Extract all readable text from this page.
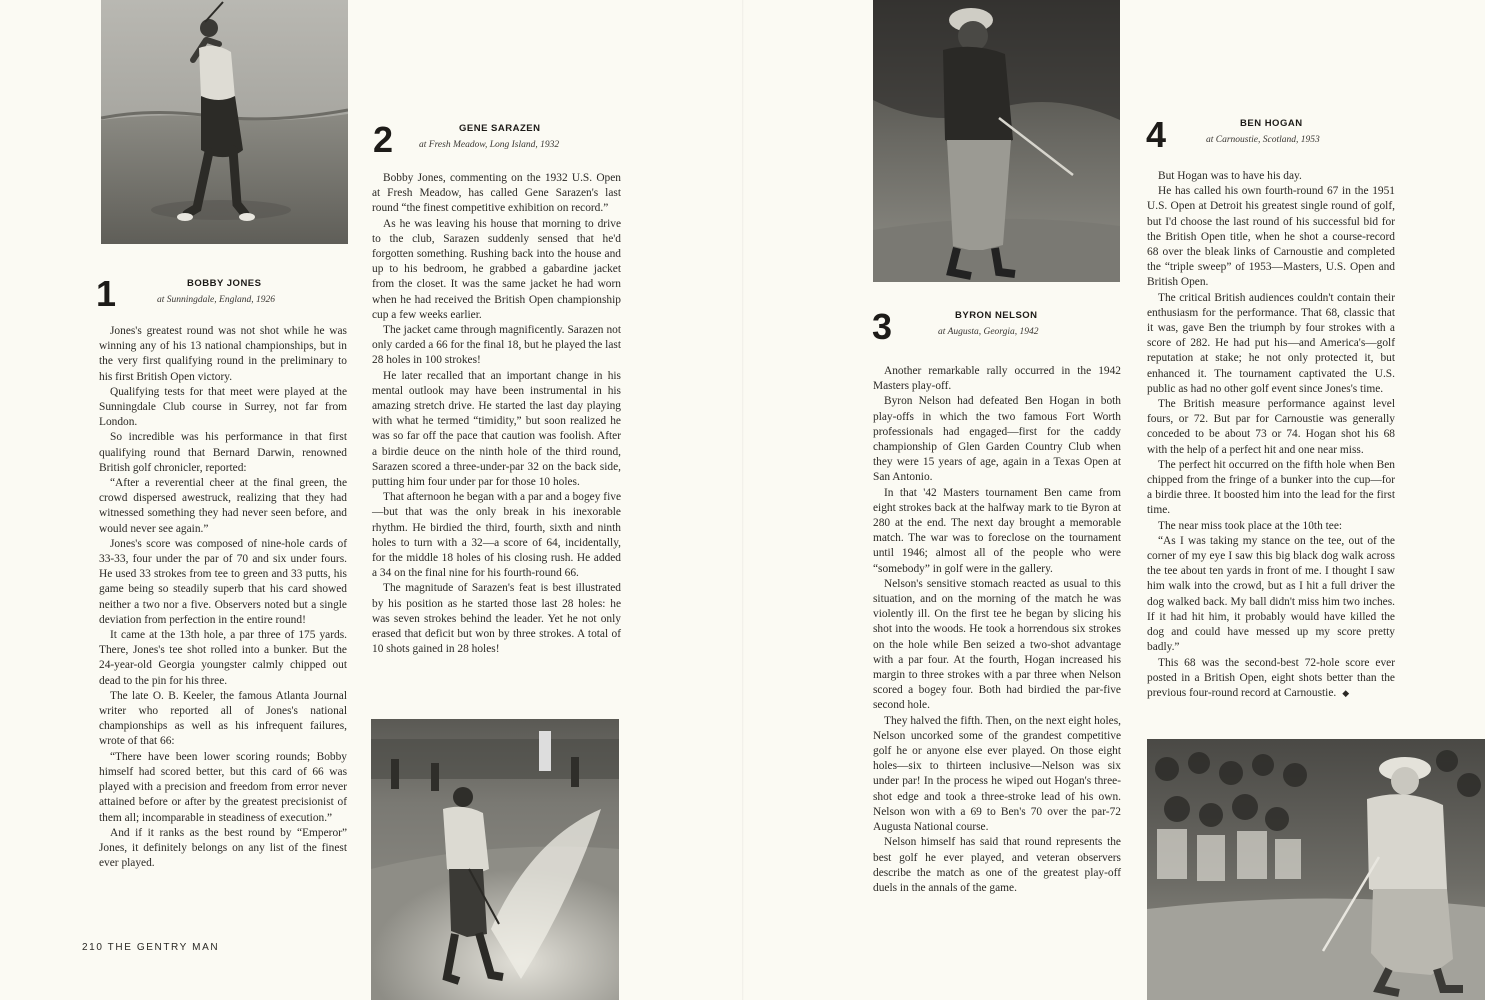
1	BOBBY JONES
at Sunningdale, England, 1926

Jones's greatest round was not shot while he was winning any of his 13 national championships, but in the very first qualifying round in the preliminary to his first British Open victory.

Qualifying tests for that meet were played at the Sunningdale Club course in Surrey, not far from London.

So incredible was his performance in that first qualifying round that Bernard Darwin, renowned British golf chronicler, reported:

“After a reverential cheer at the final green, the crowd dispersed awestruck, realizing that they had witnessed something they had never seen before, and would never see again.”

Jones's score was composed of nine-hole cards of 33-33, four under the par of 70 and six under fours. He used 33 strokes from tee to green and 33 putts, his game being so steadily superb that his card showed neither a two nor a five. Observers noted but a single deviation from perfection in the entire round!

It came at the 13th hole, a par three of 175 yards. There, Jones's tee shot rolled into a bunker. But the 24-year-old Georgia youngster calmly chipped out dead to the pin for his three.

The late O. B. Keeler, the famous Atlanta Journal writer who reported all of Jones's national championships as well as his infrequent failures, wrote of that 66:

“There have been lower scoring rounds; Bobby himself had scored better, but this card of 66 was played with a precision and freedom from error never attained before or after by the greatest precisionist of them all; incomparable in steadiness of execution.”

And if it ranks as the best round by “Emperor” Jones, it definitely belongs on any list of the finest ever played.

2	GENE SARAZEN
at Fresh Meadow, Long Island, 1932

Bobby Jones, commenting on the 1932 U.S. Open at Fresh Meadow, has called Gene Sarazen's last round “the finest competitive exhibition on record.”

As he was leaving his house that morning to drive to the club, Sarazen suddenly sensed that he'd forgotten something. Rushing back into the house and up to his bedroom, he grabbed a gabardine jacket from the closet. It was the same jacket he had worn when he had received the British Open championship cup a few weeks earlier.

The jacket came through magnificently. Sarazen not only carded a 66 for the final 18, but he played the last 28 holes in 100 strokes!

He later recalled that an important change in his mental outlook may have been instrumental in his amazing stretch drive. He started the last day playing with what he termed “timidity,” but soon realized he was so far off the pace that caution was foolish. After a birdie deuce on the ninth hole of the third round, Sarazen scored a three-under-par 32 on the back side, putting him four under par for those 10 holes.

That afternoon he began with a par and a bogey five—but that was the only break in his inexorable rhythm. He birdied the third, fourth, sixth and ninth holes to turn with a 32—a score of 64, incidentally, for the middle 18 holes of his closing rush. He added a 34 on the final nine for his fourth-round 66.

The magnitude of Sarazen's feat is best illustrated by his position as he started those last 28 holes: he was seven strokes behind the leader. Yet he not only erased that deficit but won by three strokes. A total of 10 shots gained in 28 holes!

3	BYRON NELSON
at Augusta, Georgia, 1942

Another remarkable rally occurred in the 1942 Masters play-off.

Byron Nelson had defeated Ben Hogan in both play-offs in which the two famous Fort Worth professionals had engaged—first for the caddy championship of Glen Garden Country Club when they were 15 years of age, again in a Texas Open at San Antonio.

In that '42 Masters tournament Ben came from eight strokes back at the halfway mark to tie Byron at 280 at the end. The next day brought a memorable match. The war was to foreclose on the tournament until 1946; almost all of the people who were “somebody” in golf were in the gallery.

Nelson's sensitive stomach reacted as usual to this situation, and on the morning of the match he was violently ill. On the first tee he began by slicing his shot into the woods. He took a horrendous six strokes on the hole while Ben seized a two-shot advantage with a par four. At the fourth, Hogan increased his margin to three strokes with a par three when Nelson scored a bogey four. Both had birdied the par-five second hole.

They halved the fifth. Then, on the next eight holes, Nelson uncorked some of the grandest competitive golf he or anyone else ever played. On those eight holes—six to thirteen inclusive—Nelson was six under par! In the process he wiped out Hogan's three-shot edge and took a three-stroke lead of his own. Nelson won with a 69 to Ben's 70 over the par-72 Augusta National course.

Nelson himself has said that round represents the best golf he ever played, and veteran observers describe the match as one of the greatest play-off duels in the annals of the game.

4	BEN HOGAN
at Carnoustie, Scotland, 1953

But Hogan was to have his day.

He has called his own fourth-round 67 in the 1951 U.S. Open at Detroit his greatest single round of golf, but I'd choose the last round of his successful bid for the British Open title, when he shot a course-record 68 over the bleak links of Carnoustie and completed the “triple sweep” of 1953—Masters, U.S. Open and British Open.

The critical British audiences couldn't contain their enthusiasm for the performance. That 68, classic that it was, gave Ben the triumph by four strokes with a score of 282. He had put his—and America's—golf reputation at stake; he not only protected it, but enhanced it. The tournament captivated the U.S. public as had no other golf event since Jones's time.

The British measure performance against level fours, or 72. But par for Carnoustie was generally conceded to be about 73 or 74. Hogan shot his 68 with the help of a perfect hit and one near miss.

The perfect hit occurred on the fifth hole when Ben chipped from the fringe of a bunker into the cup—for a birdie three. It boosted him into the lead for the first time.

The near miss took place at the 10th tee:

“As I was taking my stance on the tee, out of the corner of my eye I saw this big black dog walk across the tee about ten yards in front of me. I thought I saw him walk into the crowd, but as I hit a full driver the dog walked back. My ball didn't miss him two inches. If it had hit him, it probably would have killed the dog and could have messed up my score pretty badly.”

This 68 was the second-best 72-hole score ever posted in a British Open, eight shots better than the previous four-round record at Carnoustie. ◆

210 THE GENTRY MAN
